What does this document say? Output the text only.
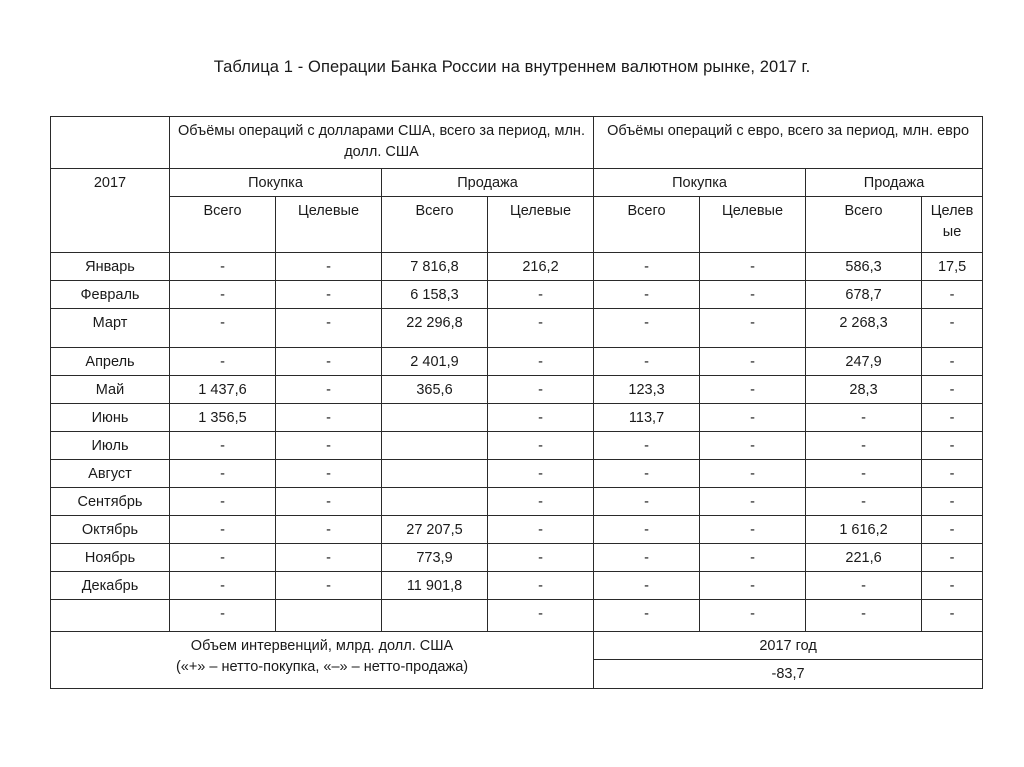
Таблица 1 - Операции Банка России на внутреннем валютном рынке, 2017 г.
	Объёмы операций с долларами США, всего за период, млн. долл. США				Объёмы операций с евро, всего за период, млн. евро			
2017	Покупка		Продажа		Покупка		Продажа	
	Всего	Целевые	Всего	Целевые	Всего	Целевые	Всего	Целев
ые

Январь	-	-	7 816,8	216,2	-	-	586,3	17,5
Февраль	-	-	6 158,3	-	-	-	678,7	-
Март	-	-	22 296,8	-	-	-	2 268,3	-
Апрель	-	-	2 401,9	-	-	-	247,9	-
Май	1 437,6	-	365,6	-	123,3	-	28,3	-
Июнь	1 356,5	-		-	113,7	-	-	-
Июль	-	-		-	-	-	-	-
Август	-	-		-	-	-	-	-
Сентябрь	-	-		-	-	-	-	-
Октябрь	-	-	27 207,5	-	-	-	1 616,2	-
Ноябрь	-	-	773,9	-	-	-	221,6	-
Декабрь	-	-	11 901,8	-	-	-	-	-
	-			-	-	-	-	-

Объем интервенций, млрд. долл. США
(«+» – нетто-покупка, «–» – нетто-продажа)					2017 год			
					-83,7			
